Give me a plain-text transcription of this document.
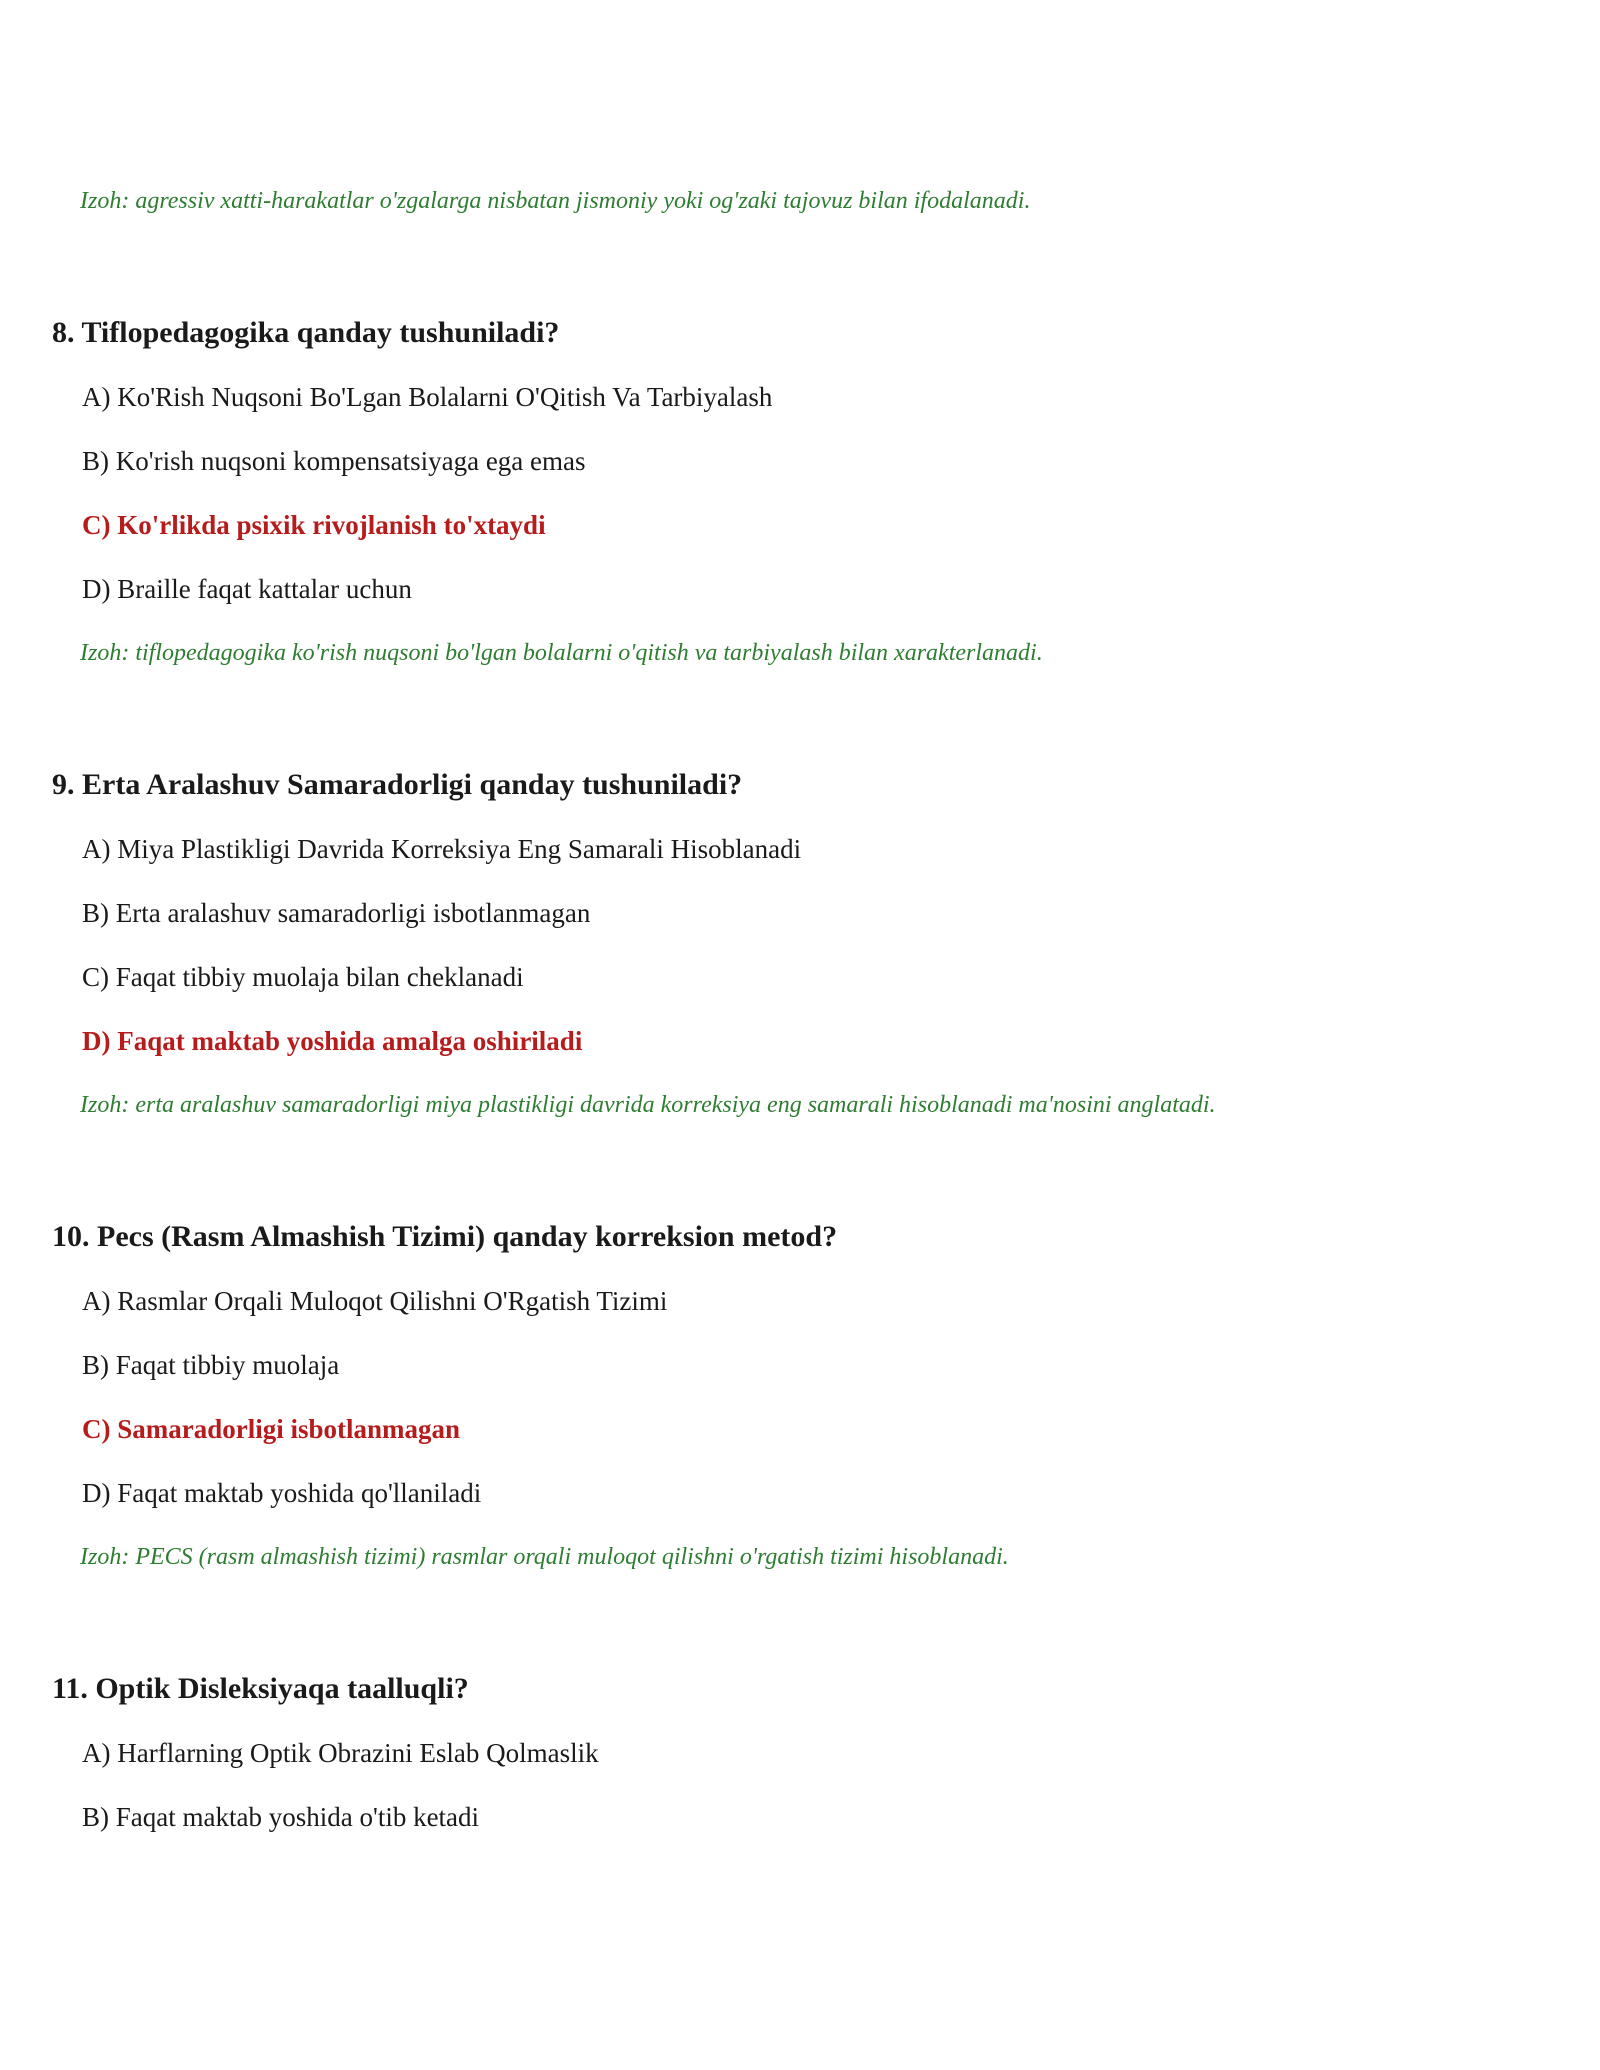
Izoh: agressiv xatti-harakatlar o'zgalarga nisbatan jismoniy yoki og'zaki tajovuz bilan ifodalanadi.

8. Tiflopedagogika qanday tushuniladi?

A) Ko'Rish Nuqsoni Bo'Lgan Bolalarni O'Qitish Va Tarbiyalash

B) Ko'rish nuqsoni kompensatsiyaga ega emas

C) Ko'rlikda psixik rivojlanish to'xtaydi

D) Braille faqat kattalar uchun

Izoh: tiflopedagogika ko'rish nuqsoni bo'lgan bolalarni o'qitish va tarbiyalash bilan xarakterlanadi.

9. Erta Aralashuv Samaradorligi qanday tushuniladi?

A) Miya Plastikligi Davrida Korreksiya Eng Samarali Hisoblanadi

B) Erta aralashuv samaradorligi isbotlanmagan

C) Faqat tibbiy muolaja bilan cheklanadi

D) Faqat maktab yoshida amalga oshiriladi

Izoh: erta aralashuv samaradorligi miya plastikligi davrida korreksiya eng samarali hisoblanadi ma'nosini anglatadi.

10. Pecs (Rasm Almashish Tizimi) qanday korreksion metod?

A) Rasmlar Orqali Muloqot Qilishni O'Rgatish Tizimi

B) Faqat tibbiy muolaja

C) Samaradorligi isbotlanmagan

D) Faqat maktab yoshida qo'llaniladi

Izoh: PECS (rasm almashish tizimi) rasmlar orqali muloqot qilishni o'rgatish tizimi hisoblanadi.

11. Optik Disleksiyaqa taalluqli?

A) Harflarning Optik Obrazini Eslab Qolmaslik

B) Faqat maktab yoshida o'tib ketadi
